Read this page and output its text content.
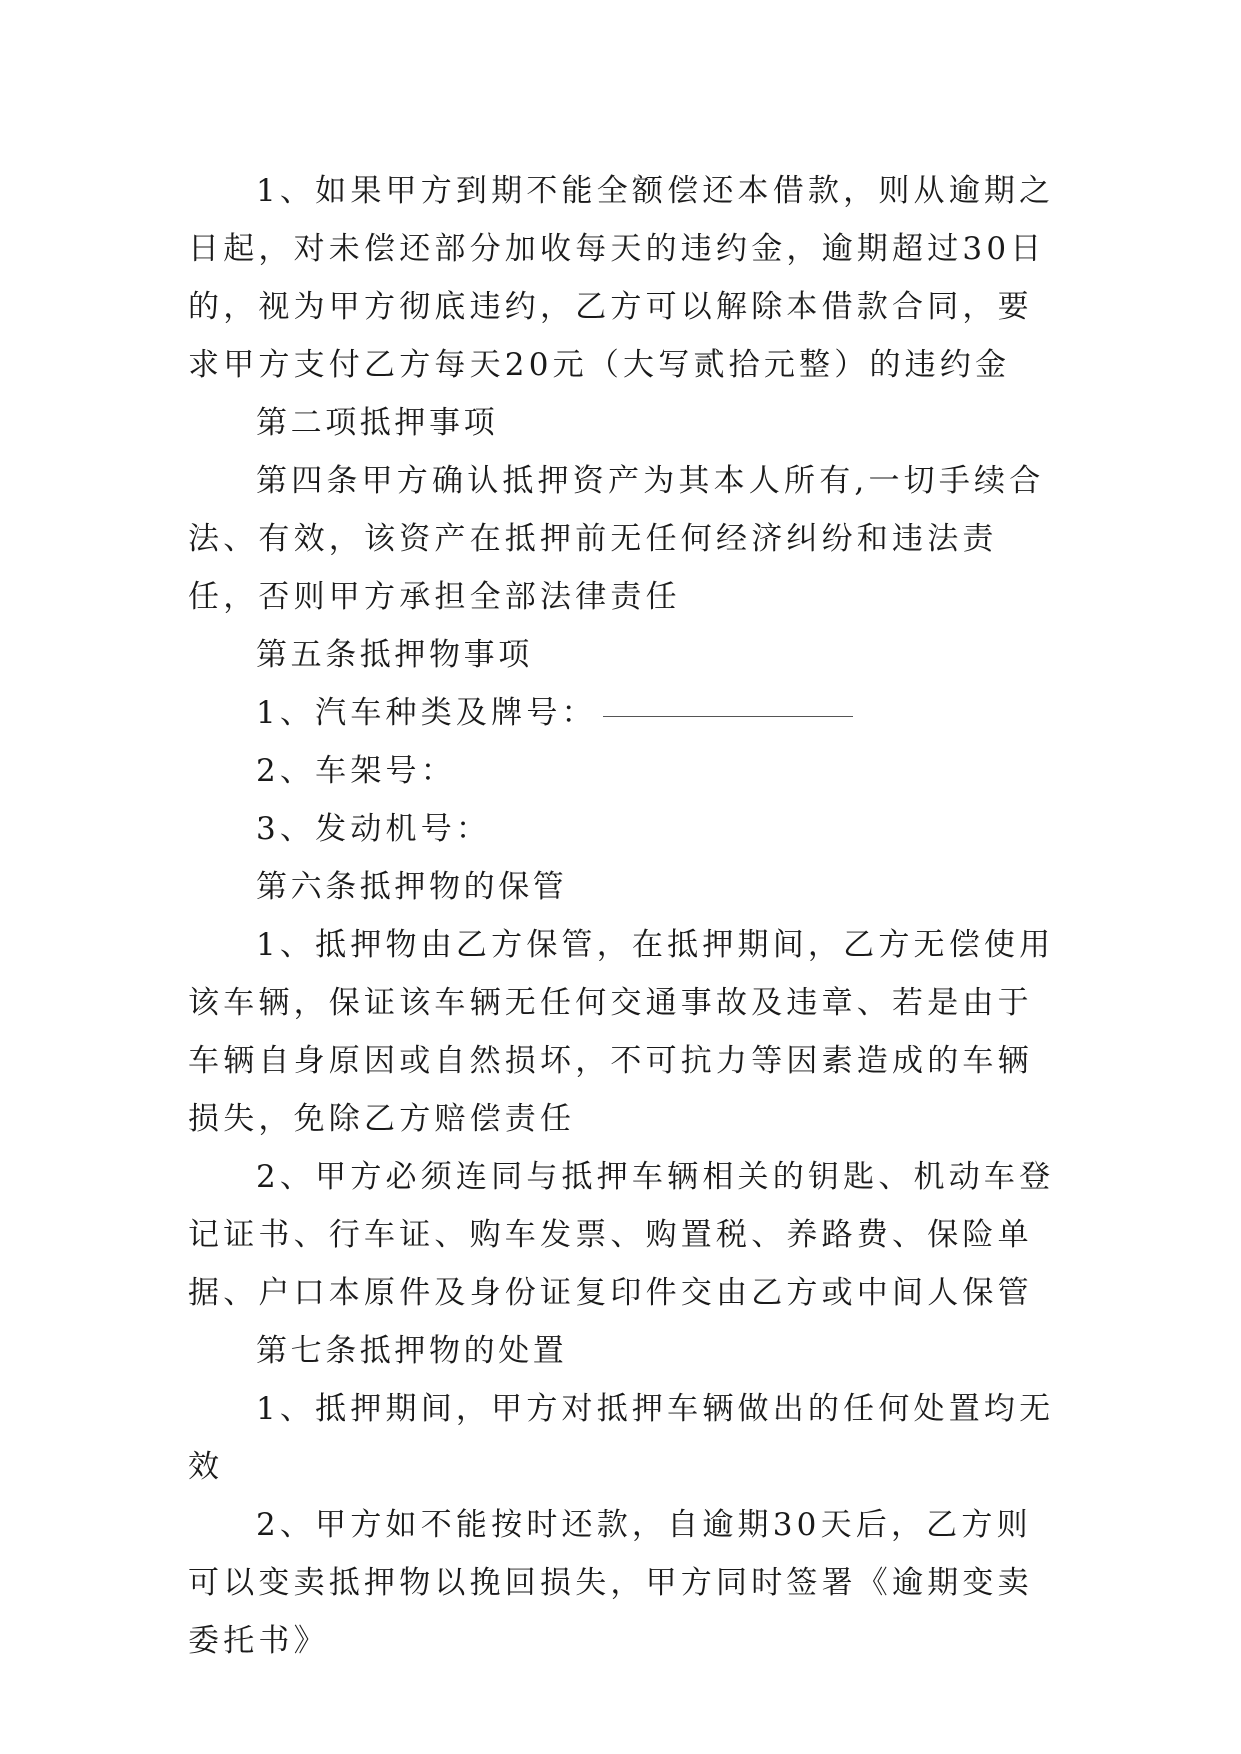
1、如果甲方到期不能全额偿还本借款，则从逾期之日起，对未偿还部分加收每天的违约金，逾期超过30日的，视为甲方彻底违约，乙方可以解除本借款合同，要求甲方支付乙方每天20元（大写贰拾元整）的违约金

第二项抵押事项

第四条甲方确认抵押资产为其本人所有,一切手续合法、有效，该资产在抵押前无任何经济纠纷和违法责任，否则甲方承担全部法律责任

第五条抵押物事项

1、汽车种类及牌号：

2、车架号：

3、发动机号：

第六条抵押物的保管

1、抵押物由乙方保管，在抵押期间，乙方无偿使用该车辆，保证该车辆无任何交通事故及违章、若是由于车辆自身原因或自然损坏，不可抗力等因素造成的车辆损失，免除乙方赔偿责任

2、甲方必须连同与抵押车辆相关的钥匙、机动车登记证书、行车证、购车发票、购置税、养路费、保险单据、户口本原件及身份证复印件交由乙方或中间人保管

第七条抵押物的处置

1、抵押期间，甲方对抵押车辆做出的任何处置均无效

2、甲方如不能按时还款，自逾期30天后，乙方则可以变卖抵押物以挽回损失，甲方同时签署《逾期变卖委托书》
